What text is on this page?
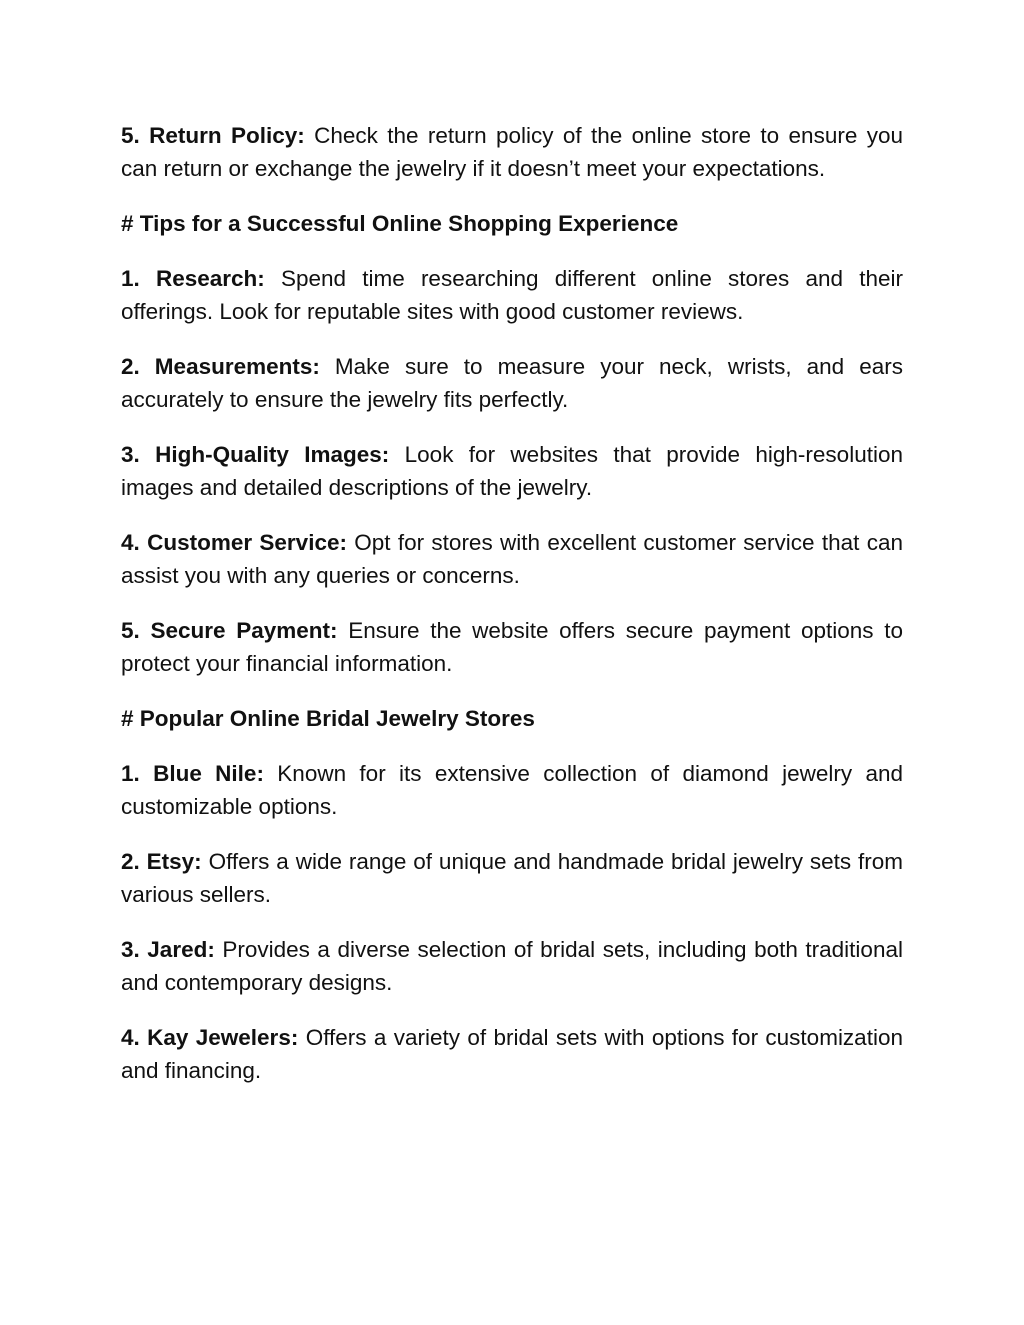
5. Return Policy: Check the return policy of the online store to ensure you can return or exchange the jewelry if it doesn’t meet your expectations.

# Tips for a Successful Online Shopping Experience

1. Research: Spend time researching different online stores and their offerings. Look for reputable sites with good customer reviews.

2. Measurements: Make sure to measure your neck, wrists, and ears accurately to ensure the jewelry fits perfectly.

3. High-Quality Images: Look for websites that provide high-resolution images and detailed descriptions of the jewelry.

4. Customer Service: Opt for stores with excellent customer service that can assist you with any queries or concerns.

5. Secure Payment: Ensure the website offers secure payment options to protect your financial information.

# Popular Online Bridal Jewelry Stores

1. Blue Nile: Known for its extensive collection of diamond jewelry and customizable options.

2. Etsy: Offers a wide range of unique and handmade bridal jewelry sets from various sellers.

3. Jared: Provides a diverse selection of bridal sets, including both traditional and contemporary designs.

4. Kay Jewelers: Offers a variety of bridal sets with options for customization and financing.
